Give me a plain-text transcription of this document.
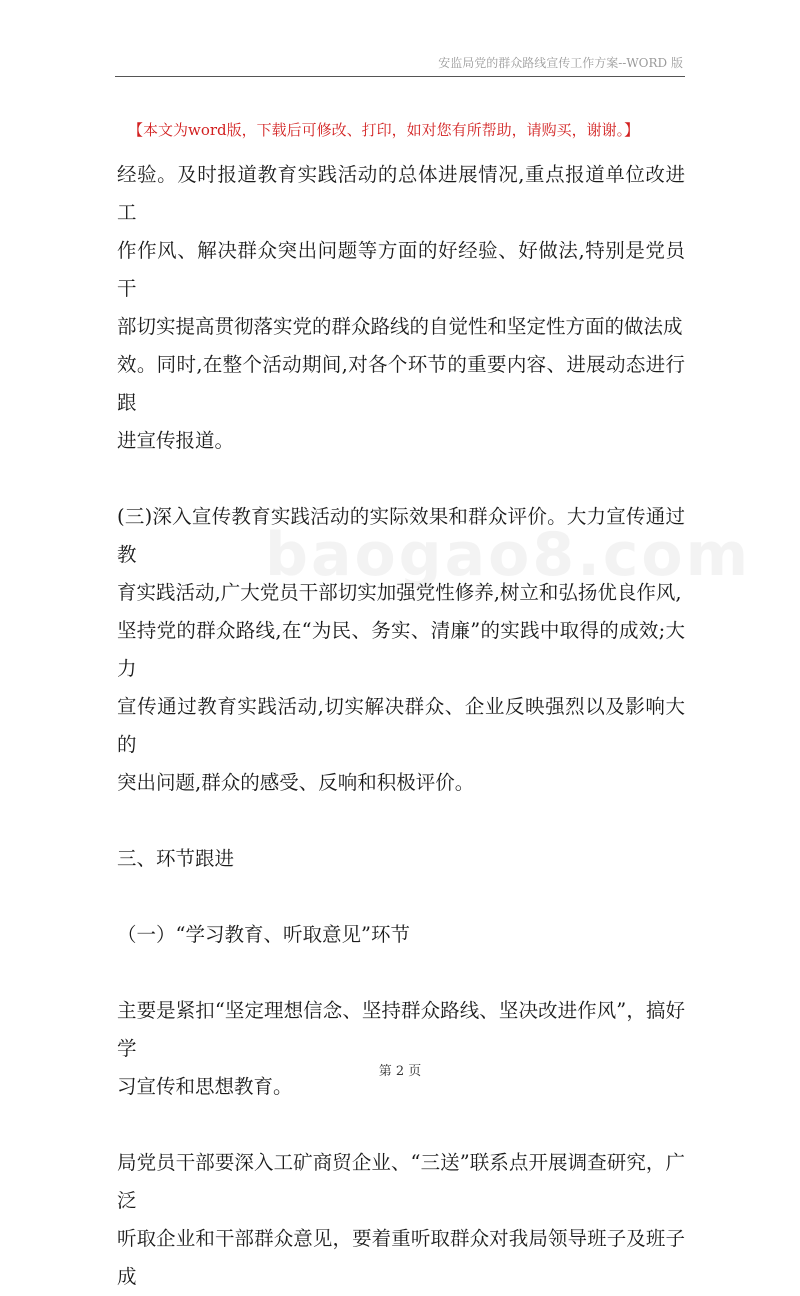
安监局党的群众路线宣传工作方案--WORD 版
【本文为word版，下载后可修改、打印，如对您有所帮助，请购买，谢谢。】
baogao8.com

经验。及时报道教育实践活动的总体进展情况,重点报道单位改进工

作作风、解决群众突出问题等方面的好经验、好做法,特别是党员干

部切实提高贯彻落实党的群众路线的自觉性和坚定性方面的做法成

效。同时,在整个活动期间,对各个环节的重要内容、进展动态进行跟

进宣传报道。

(三)深入宣传教育实践活动的实际效果和群众评价。大力宣传通过教

育实践活动,广大党员干部切实加强党性修养,树立和弘扬优良作风,

坚持党的群众路线,在“为民、务实、清廉”的实践中取得的成效;大力

宣传通过教育实践活动,切实解决群众、企业反映强烈以及影响大的

突出问题,群众的感受、反响和积极评价。

三、环节跟进

（一）“学习教育、听取意见”环节

主要是紧扣“坚定理想信念、坚持群众路线、坚决改进作风”，搞好学

习宣传和思想教育。

局党员干部要深入工矿商贸企业、“三送”联系点开展调查研究，广泛

听取企业和干部群众意见，要着重听取群众对我局领导班子及班子成

第 2 页
